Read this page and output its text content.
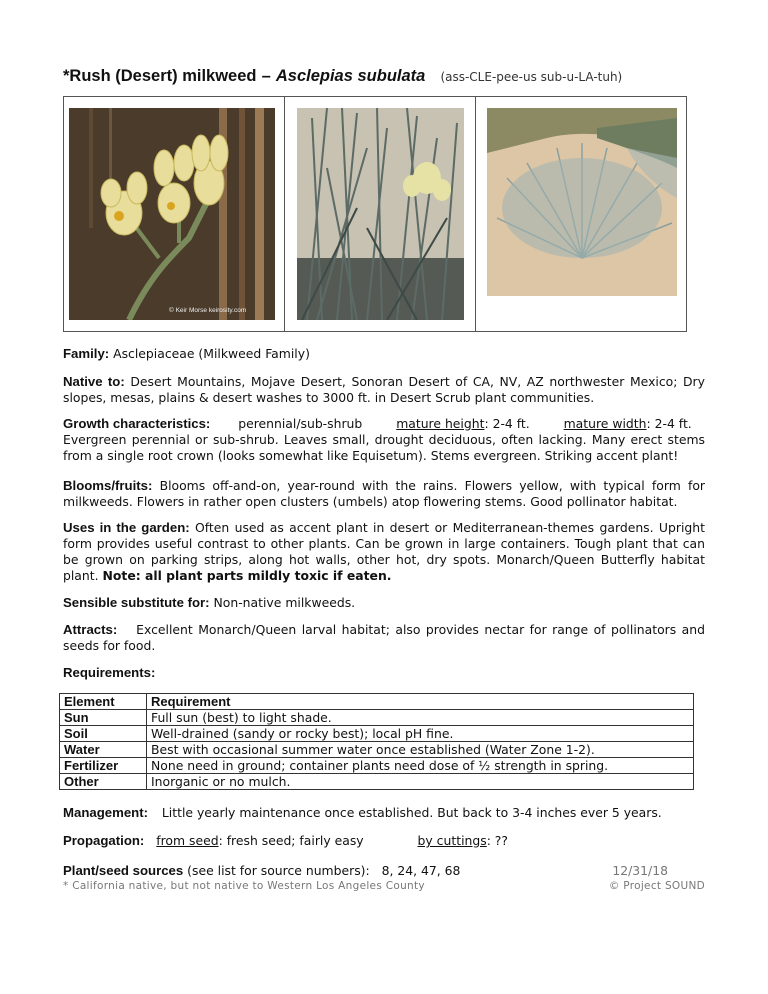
*Rush (Desert) milkweed – Asclepias subulata (ass-CLE-pee-us sub-u-LA-tuh)
© Keir Morse keirosity.com
Family: Asclepiaceae (Milkweed Family)
Native to: Desert Mountains, Mojave Desert, Sonoran Desert of CA, NV, AZ northwester Mexico; Dry slopes, mesas, plains & desert washes to 3000 ft. in Desert Scrub plant communities.
Growth characteristics: perennial/sub-shrub	mature height: 2-4 ft.	mature width: 2-4 ft.
Evergreen perennial or sub-shrub. Leaves small, drought deciduous, often lacking. Many erect stems from a single root crown (looks somewhat like Equisetum). Stems evergreen. Striking accent plant!
Blooms/fruits: Blooms off-and-on, year-round with the rains. Flowers yellow, with typical form for milkweeds. Flowers in rather open clusters (umbels) atop flowering stems. Good pollinator habitat.
Uses in the garden: Often used as accent plant in desert or Mediterranean-themes gardens. Upright form provides useful contrast to other plants. Can be grown in large containers. Tough plant that can be grown on parking strips, along hot walls, other hot, dry spots. Monarch/Queen Butterfly habitat plant. Note: all plant parts mildly toxic if eaten.
Sensible substitute for: Non-native milkweeds.
Attracts: Excellent Monarch/Queen larval habitat; also provides nectar for range of pollinators and seeds for food.
Requirements:
Element	Requirement
Sun	Full sun (best) to light shade.
Soil	Well-drained (sandy or rocky best); local pH fine.
Water	Best with occasional summer water once established (Water Zone 1-2).
Fertilizer	None need in ground; container plants need dose of ½ strength in spring.
Other	Inorganic or no mulch.
Management: Little yearly maintenance once established. But back to 3-4 inches ever 5 years.
Propagation: from seed: fresh seed; fairly easy	by cuttings: ??
Plant/seed sources (see list for source numbers): 8, 24, 47, 68	12/31/18
* California native, but not native to Western Los Angeles County	© Project SOUND
